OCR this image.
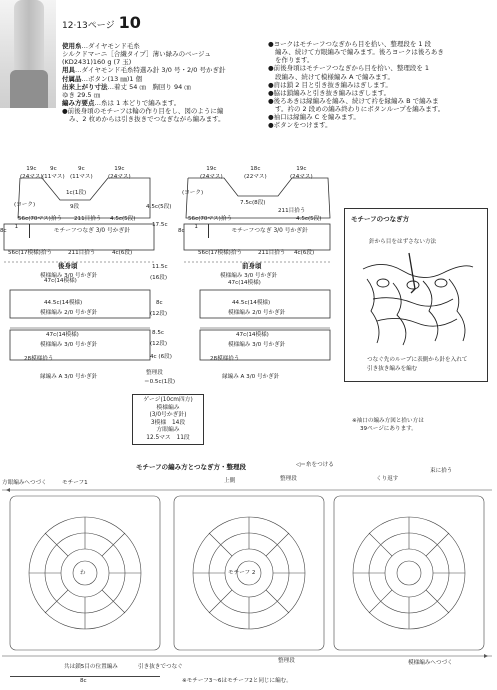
12·13ページ 10
使用糸…ダイヤモンド毛糸
シルクドマーニ［合繊タイプ］薄い緑みのベージュ
(KD2431)160 g (7 玉)
用具…ダイヤモンド毛糸特選み針 3/0 号・2/0 号かぎ針
付属品…ボタン(13 ㎜)1 個
出来上がり寸法…着丈 54 ㎝　胸回り 94 ㎝
ゆき 29.5 ㎝
編み方要点…糸は 1 本どりで編みます。
●前後身頃のモチーフは輪の作り目をし、図のように編
み、2 枚めからは引き抜きでつなぎながら編みます。
●ヨークはモチーフつなぎから目を拾い、整理段を 1 段
編み、続けて方眼編みで編みます。後ろヨークは後ろあき
を作ります。
●前後身頃はモチーフつなぎから目を拾い、整理段を 1
段編み、続けて模様編み A で編みます。
●肩は鎖 2 目と引き抜き編みはぎします。
●脇は鎖編みと引き抜き編みはぎします。
●後ろあきは縁編みを編み、続けて衿を縁編み B で編みま
す。衿の 2 段めの編み終わりにボタンループを編みます。
●袖口は縁編み C を編みます。
●ボタンをつけます。
19c
(24マス)
9c
(11マス)
9c
(11マス)
19c
(24マス)
1c(1段)
9段
(ヨーク)
56c(70マス)拾う 211目拾う 4.5c(5段)
1
モチーフつなぎ 3/0 号かぎ針
8c
56c(17模様)拾う	211目拾う	4c(6段)
後身頃
模様編み 3/0 号かぎ針
47c(14模様)
44.5c(14模様)
模様編み 2/0 号かぎ針
47c(14模様)
模様編み 3/0 号かぎ針
28模様拾う
縁編み A 3/0 号かぎ針
4.5c(5段)
17.5c
11.5c
(16段)
8c
(12段)
8.5c
(12段)
4c (6段)
整理段
＝0.5c(1段)
19c
(24マス)
18c
(22マス)
19c
(24マス)
(ヨーク)
7.5c(8段)
211目拾う
4.5c(5段)
56c(70マス)拾う
1
モチーフつなぎ 3/0 号かぎ針
8c
56c(17模様)拾う	211目拾う 4c(6段)
前身頃
模様編み 3/0 号かぎ針
47c(14模様)
44.5c(14模様)
模様編み 2/0 号かぎ針
47c(14模様)
模様編み 3/0 号かぎ針
28模様拾う
縁編み A 3/0 号かぎ針
ゲージ(10cm四方)
模様編み
(3/0号かぎ針)
3模様　14段
方眼編み
12.5マス　11段
モチーフのつなぎ方
針から目をはずさない方法
つなぐ先のループに表側から針を入れて
引き抜き編みを編む
※袖口の編み方図と拾い方は
39ページにあります。
モチーフの編み方とつなぎ方・整理段	◁＝糸をつける
方眼編みへつづく	モチーフ1	上側	整理段	くり返す
束に拾う
わ	モチーフ 2
整理段	模様編みへつづく
共は鎖5目の位置編み	引き抜きでつなぐ
8c	※モチーフ3～6はモチーフ2と同じに編む。
